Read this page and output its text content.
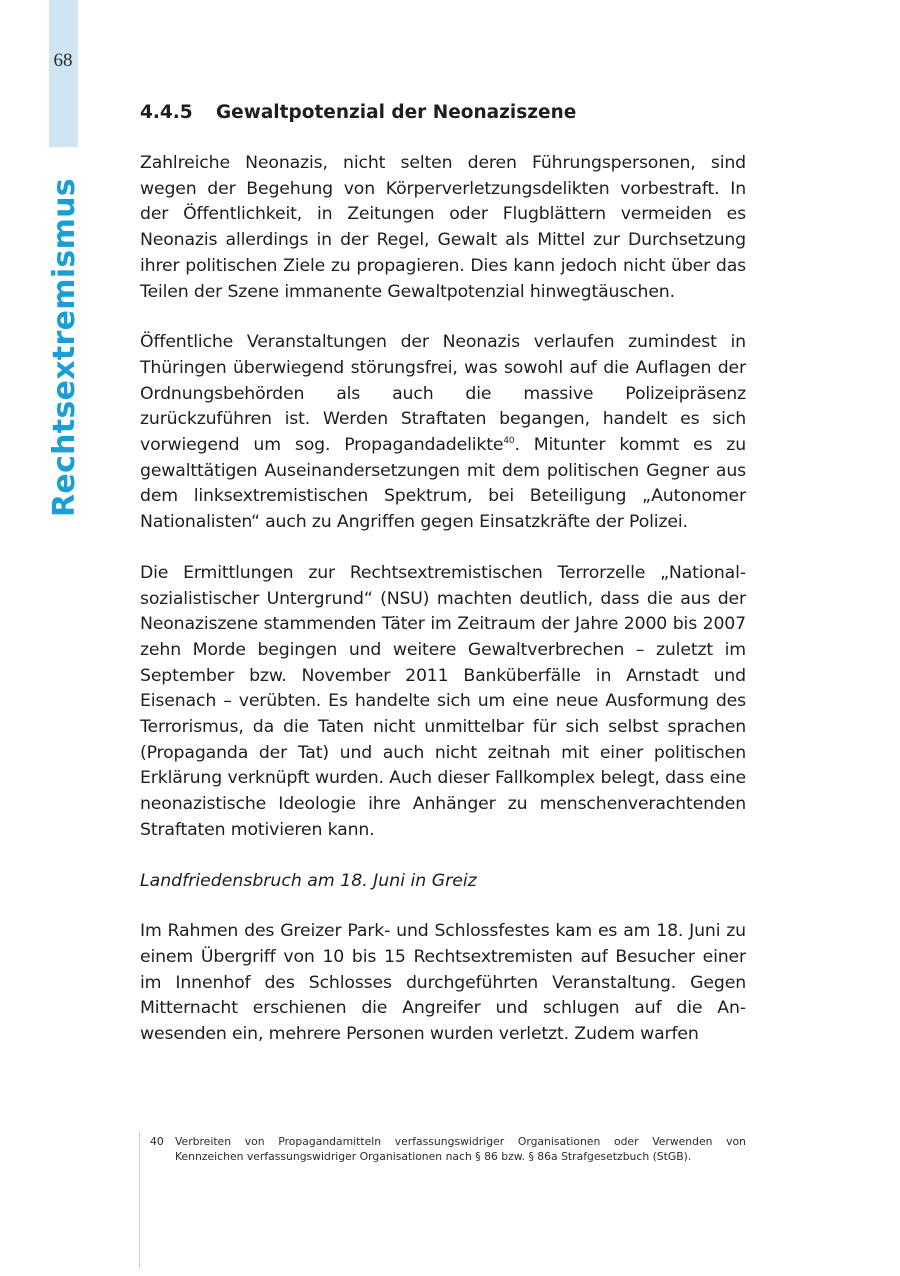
68
Rechtsextremismus
4.4.5 Gewaltpotenzial der Neonaziszene

Zahlreiche Neonazis, nicht selten deren Führungspersonen, sind wegen der Begehung von Körperverletzungsdelikten vorbestraft. In der Öffentlichkeit, in Zeitungen oder Flugblättern vermeiden es Neonazis allerdings in der Regel, Gewalt als Mittel zur Durchsetzung ihrer politischen Ziele zu propagieren. Dies kann jedoch nicht über das Teilen der Szene immanente Gewaltpotenzial hinwegtäuschen.

Öffentliche Veranstaltungen der Neonazis verlaufen zumindest in Thüringen überwiegend störungsfrei, was sowohl auf die Auflagen der Ordnungsbehörden als auch die massive Polizeipräsenz zurückzuführen ist. Werden Straftaten begangen, handelt es sich vorwiegend um sog. Propagandadelikte$^{40}$. Mitunter kommt es zu gewalttätigen Auseinandersetzungen mit dem politischen Gegner aus dem linksextremistischen Spektrum, bei Beteiligung „Autonomer Nationalisten“ auch zu Angriffen gegen Einsatzkräfte der Polizei.

Die Ermittlungen zur Rechtsextremistischen Terrorzelle „Nationalsozialistischer Untergrund“ (NSU) machten deutlich, dass die aus der Neonaziszene stammenden Täter im Zeitraum der Jahre 2000 bis 2007 zehn Morde begingen und weitere Gewaltverbrechen – zuletzt im September bzw. November 2011 Banküberfälle in Arnstadt und Eisenach – verübten. Es handelte sich um eine neue Ausformung des Terrorismus, da die Taten nicht unmittelbar für sich selbst sprachen (Propaganda der Tat) und auch nicht zeitnah mit einer politischen Erklärung verknüpft wurden. Auch dieser Fallkomplex belegt, dass eine neonazistische Ideologie ihre Anhänger zu menschenverachtenden Straftaten motivieren kann.

Landfriedensbruch am 18. Juni in Greiz

Im Rahmen des Greizer Park- und Schlossfestes kam es am 18. Juni zu einem Übergriff von 10 bis 15 Rechtsextremisten auf Besucher einer im Innenhof des Schlosses durchgeführten Veranstaltung. Gegen Mitternacht erschienen die Angreifer und schlugen auf die Anwesenden ein, mehrere Personen wurden verletzt. Zudem warfen

40	Verbreiten von Propagandamitteln verfassungswidriger Organisationen oder Verwenden von Kennzeichen verfassungswidriger Organisationen nach § 86 bzw. § 86a Strafgesetzbuch (StGB).
